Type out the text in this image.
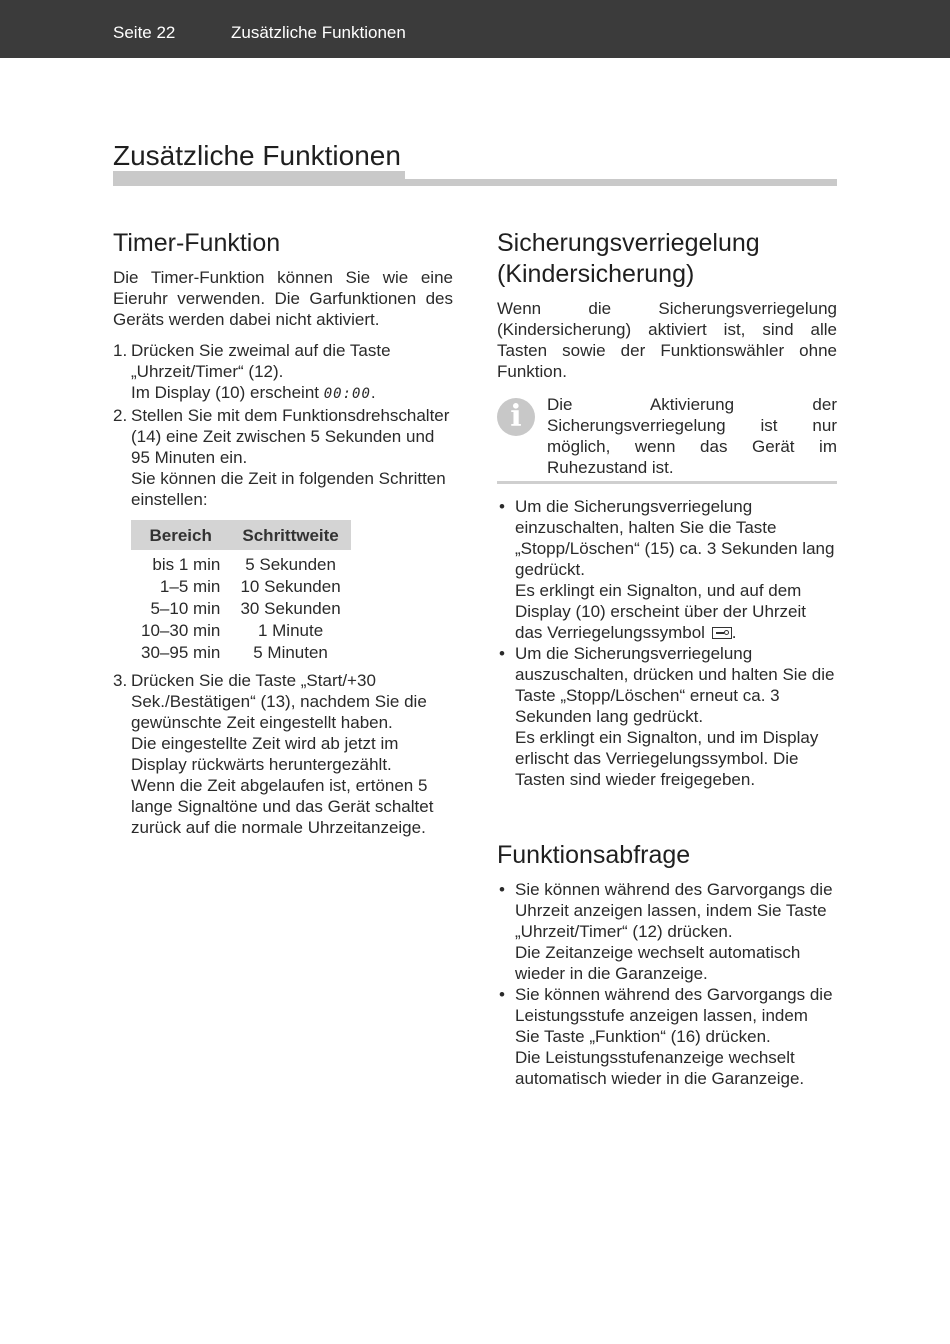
Seite 22	Zusätzliche Funktionen
Zusätzliche Funktionen
Timer-Funktion

Die Timer-Funktion können Sie wie eine Eieruhr verwenden. Die Garfunktionen des Geräts werden dabei nicht aktiviert.

1. Drücken Sie zweimal auf die Taste „Uhrzeit/Timer“ (12).
Im Display (10) erscheint 00:00.
2. Stellen Sie mit dem Funktionsdrehschalter (14) eine Zeit zwischen 5 Sekunden und 95 Minuten ein.
Sie können die Zeit in folgenden Schritten einstellen:
Bereich	Schrittweite
bis 1 min	5 Sekunden
1–5 min	10 Sekunden
5–10 min	30 Sekunden
10–30 min	1 Minute
30–95 min	5 Minuten
3. Drücken Sie die Taste „Start/+30 Sek./Bestätigen“ (13), nachdem Sie die gewünschte Zeit eingestellt haben.
Die eingestellte Zeit wird ab jetzt im Display rückwärts heruntergezählt.
Wenn die Zeit abgelaufen ist, ertönen 5 lange Signaltöne und das Gerät schaltet zurück auf die normale Uhrzeitanzeige.
Sicherungsverriegelung
(Kindersicherung)

Wenn die Sicherungsverriegelung (Kindersicherung) aktiviert ist, sind alle Tasten sowie der Funktionswähler ohne Funktion.

i	Die Aktivierung der Sicherungsverriegelung ist nur möglich, wenn das Gerät im Ruhezustand ist.

• Um die Sicherungsverriegelung einzuschalten, halten Sie die Taste „Stopp/Löschen“ (15) ca. 3 Sekunden lang gedrückt.
Es erklingt ein Signalton, und auf dem Display (10) erscheint über der Uhrzeit das Verriegelungssymbol .
• Um die Sicherungsverriegelung auszuschalten, drücken und halten Sie die Taste „Stopp/Löschen“ erneut ca. 3 Sekunden lang gedrückt.
Es erklingt ein Signalton, und im Display erlischt das Verriegelungssymbol. Die Tasten sind wieder freigegeben.
Funktionsabfrage
• Sie können während des Garvorgangs die Uhrzeit anzeigen lassen, indem Sie Taste „Uhrzeit/Timer“ (12) drücken.
Die Zeitanzeige wechselt automatisch wieder in die Garanzeige.
• Sie können während des Garvorgangs die Leistungsstufe anzeigen lassen, indem Sie Taste „Funktion“ (16) drücken.
Die Leistungsstufenanzeige wechselt automatisch wieder in die Garanzeige.
